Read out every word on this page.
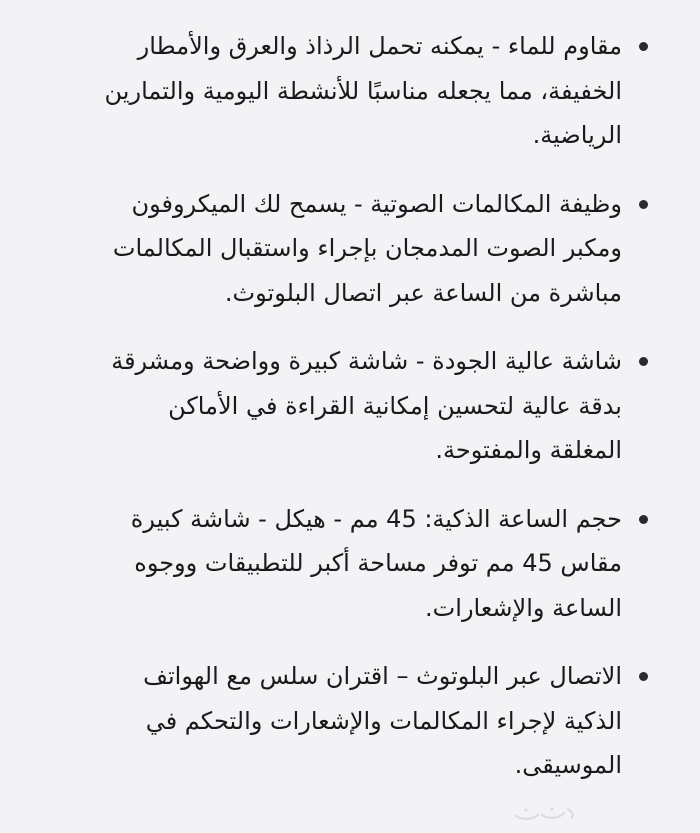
مقاوم للماء - يمكنه تحمل الرذاذ والعرق والأمطار الخفيفة، مما يجعله مناسبًا للأنشطة اليومية والتمارين الرياضية.
وظيفة المكالمات الصوتية - يسمح لك الميكروفون ومكبر الصوت المدمجان بإجراء واستقبال المكالمات مباشرة من الساعة عبر اتصال البلوتوث.
شاشة عالية الجودة - شاشة كبيرة وواضحة ومشرقة بدقة عالية لتحسين إمكانية القراءة في الأماكن المغلقة والمفتوحة.
حجم الساعة الذكية: 45 مم - هيكل - شاشة كبيرة مقاس 45 مم توفر مساحة أكبر للتطبيقات ووجوه الساعة والإشعارات.
الاتصال عبر البلوتوث – اقتران سلس مع الهواتف الذكية لإجراء المكالمات والإشعارات والتحكم في الموسيقى.
